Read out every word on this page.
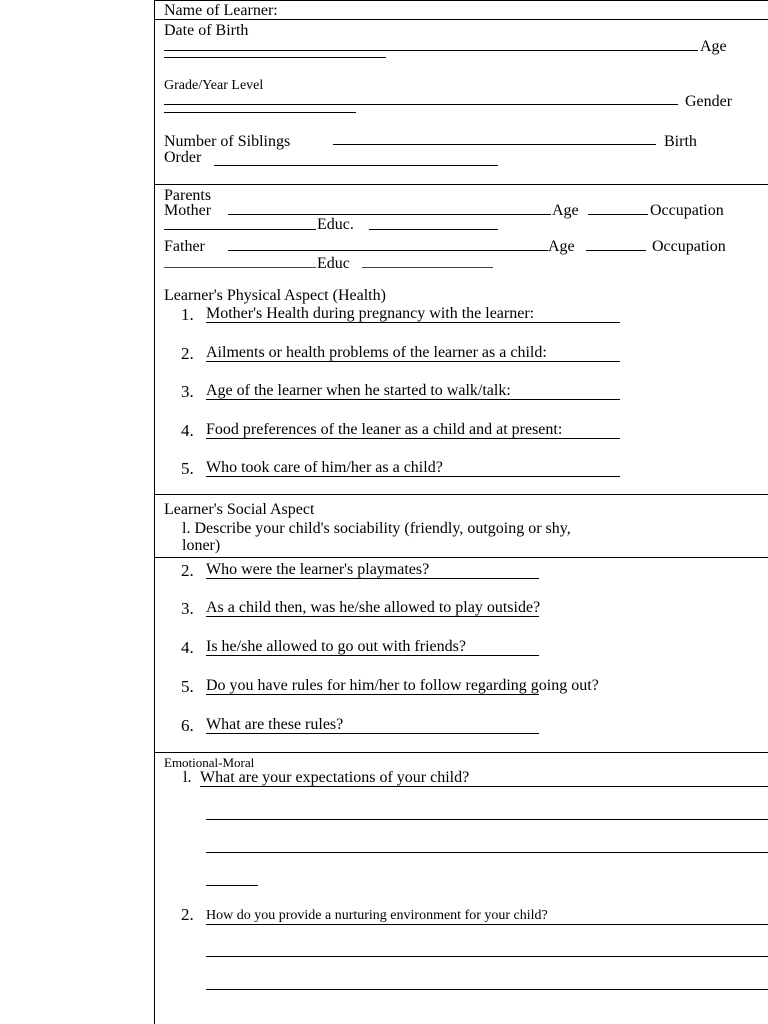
Name of Learner:
Date of Birth
Age
Grade/Year Level
Gender
Number of Siblings	Birth
Order
Parents
Mother	Age	Occupation
Educ.
Father	Age	Occupation
Educ
Learner's Physical Aspect (Health)
1. Mother's Health during pregnancy with the learner:
2. Ailments or health problems of the learner as a child:
3. Age of the learner when he started to walk/talk:
4. Food preferences of the leaner as a child and at present:
5. Who took care of him/her as a child?
Learner's Social Aspect
l. Describe your child's sociability (friendly, outgoing or shy,
loner)
2. Who were the learner's playmates?
3. As a child then, was he/she allowed to play outside?
4. Is he/she allowed to go out with friends?
5. Do you have rules for him/her to follow regarding going out?
6. What are these rules?
Emotional-Moral
l. What are your expectations of your child?
2. How do you provide a nurturing environment for your child?
